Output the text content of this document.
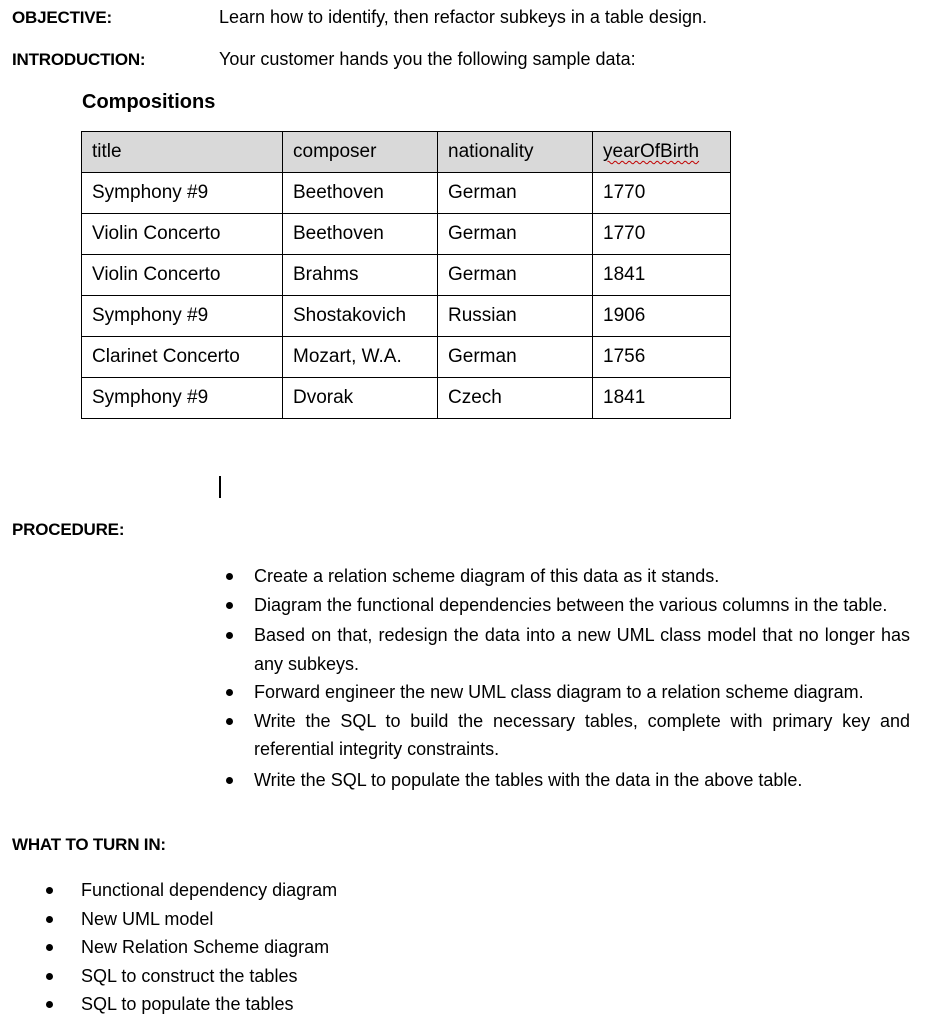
OBJECTIVE:	Learn how to identify, then refactor subkeys in a table design.
INTRODUCTION:	Your customer hands you the following sample data:
Compositions
title	composer	nationality	yearOfBirth
Symphony #9	Beethoven	German	1770
Violin Concerto	Beethoven	German	1770
Violin Concerto	Brahms	German	1841
Symphony #9	Shostakovich	Russian	1906
Clarinet Concerto	Mozart, W.A.	German	1756
Symphony #9	Dvorak	Czech	1841
PROCEDURE:
Create a relation scheme diagram of this data as it stands.
Diagram the functional dependencies between the various columns in the table.
Based on that, redesign the data into a new UML class model that no longer has any subkeys.
Forward engineer the new UML class diagram to a relation scheme diagram.
Write the SQL to build the necessary tables, complete with primary key and referential integrity constraints.
Write the SQL to populate the tables with the data in the above table.
WHAT TO TURN IN:
Functional dependency diagram
New UML model
New Relation Scheme diagram
SQL to construct the tables
SQL to populate the tables
